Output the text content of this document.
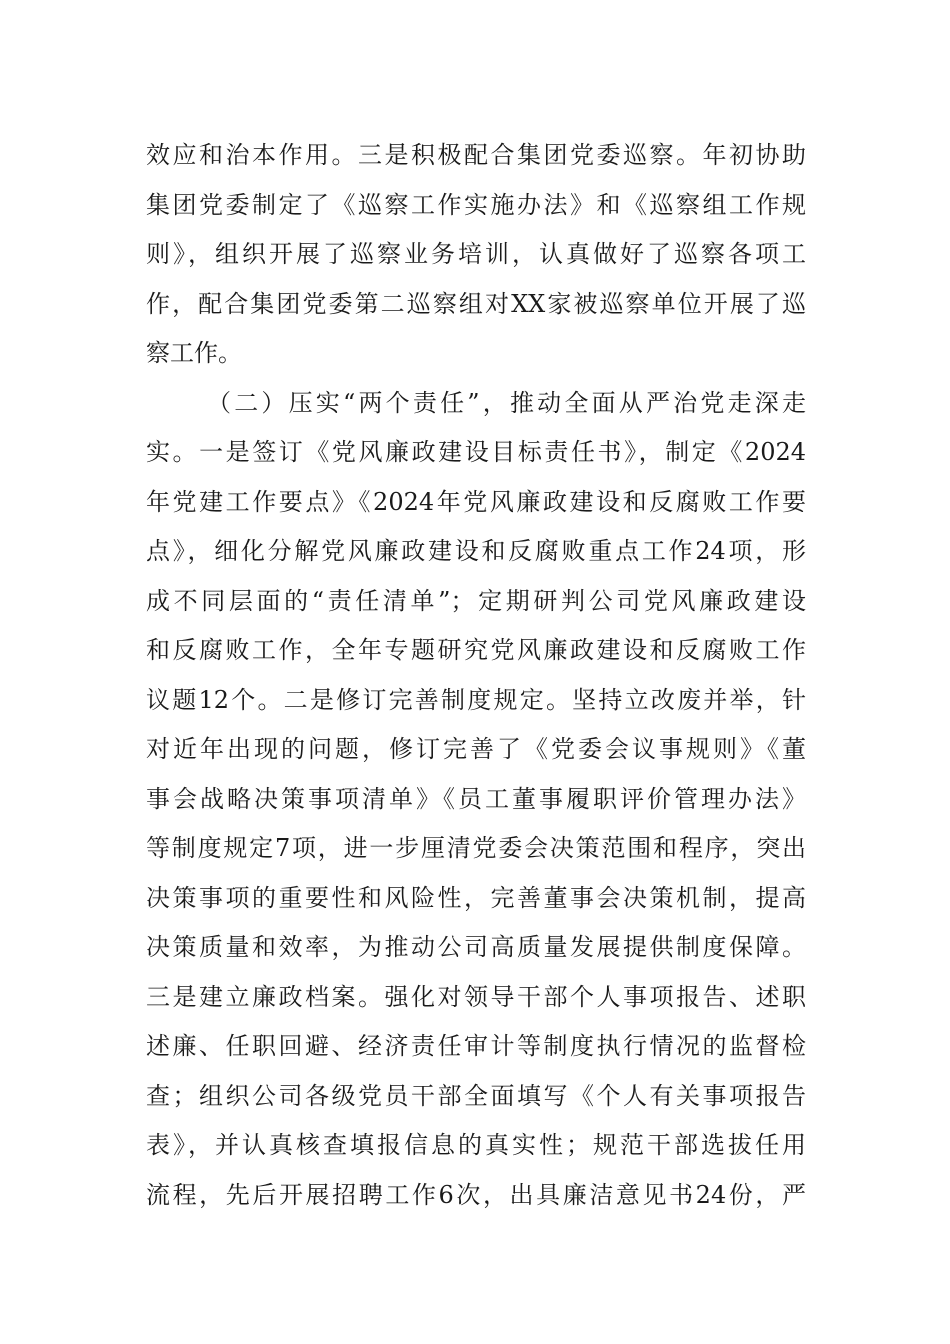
效应和治本作用。三是积极配合集团党委巡察。年初协助
集团党委制定了《巡察工作实施办法》和《巡察组工作规
则》，组织开展了巡察业务培训，认真做好了巡察各项工
作，配合集团党委第二巡察组对XX家被巡察单位开展了巡
察工作。
（二）压实“两个责任”，推动全面从严治党走深走
实。一是签订《党风廉政建设目标责任书》，制定《2024
年党建工作要点》《2024年党风廉政建设和反腐败工作要
点》，细化分解党风廉政建设和反腐败重点工作24项，形
成不同层面的“责任清单”；定期研判公司党风廉政建设
和反腐败工作，全年专题研究党风廉政建设和反腐败工作
议题12个。二是修订完善制度规定。坚持立改废并举，针
对近年出现的问题，修订完善了《党委会议事规则》《董
事会战略决策事项清单》《员工董事履职评价管理办法》
等制度规定7项，进一步厘清党委会决策范围和程序，突出
决策事项的重要性和风险性，完善董事会决策机制，提高
决策质量和效率，为推动公司高质量发展提供制度保障。
三是建立廉政档案。强化对领导干部个人事项报告、述职
述廉、任职回避、经济责任审计等制度执行情况的监督检
查；组织公司各级党员干部全面填写《个人有关事项报告
表》，并认真核查填报信息的真实性；规范干部选拔任用
流程，先后开展招聘工作6次，出具廉洁意见书24份，严
